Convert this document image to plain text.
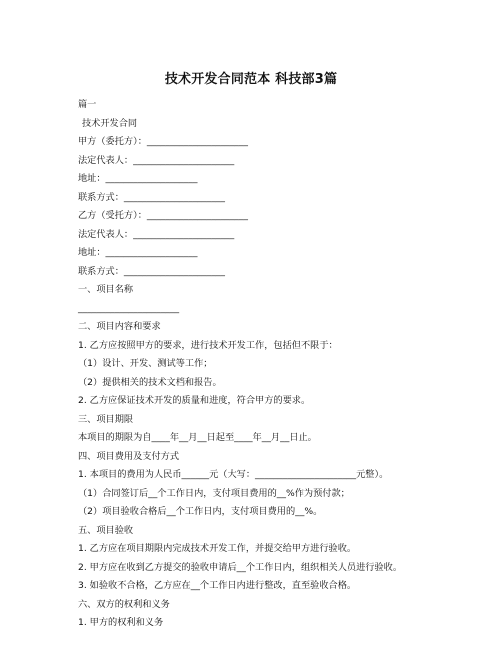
技术开发合同范本 科技部3篇
篇一
技术开发合同
甲方（委托方）：______________________
法定代表人：______________________
地址：____________________
联系方式：______________________
乙方（受托方）：______________________
法定代表人：______________________
地址：____________________
联系方式：______________________
一、项目名称
______________________
二、项目内容和要求
1. 乙方应按照甲方的要求，进行技术开发工作，包括但不限于：
（1）设计、开发、测试等工作；
（2）提供相关的技术文档和报告。
2. 乙方应保证技术开发的质量和进度，符合甲方的要求。
三、项目期限
本项目的期限为自____年__月__日起至____年__月__日止。
四、项目费用及支付方式
1. 本项目的费用为人民币______元（大写：______________________元整）。
（1）合同签订后__个工作日内，支付项目费用的__%作为预付款；
（2）项目验收合格后__个工作日内，支付项目费用的__%。
五、项目验收
1. 乙方应在项目期限内完成技术开发工作，并提交给甲方进行验收。
2. 甲方应在收到乙方提交的验收申请后__个工作日内，组织相关人员进行验收。
3. 如验收不合格，乙方应在__个工作日内进行整改，直至验收合格。
六、双方的权利和义务
1. 甲方的权利和义务
